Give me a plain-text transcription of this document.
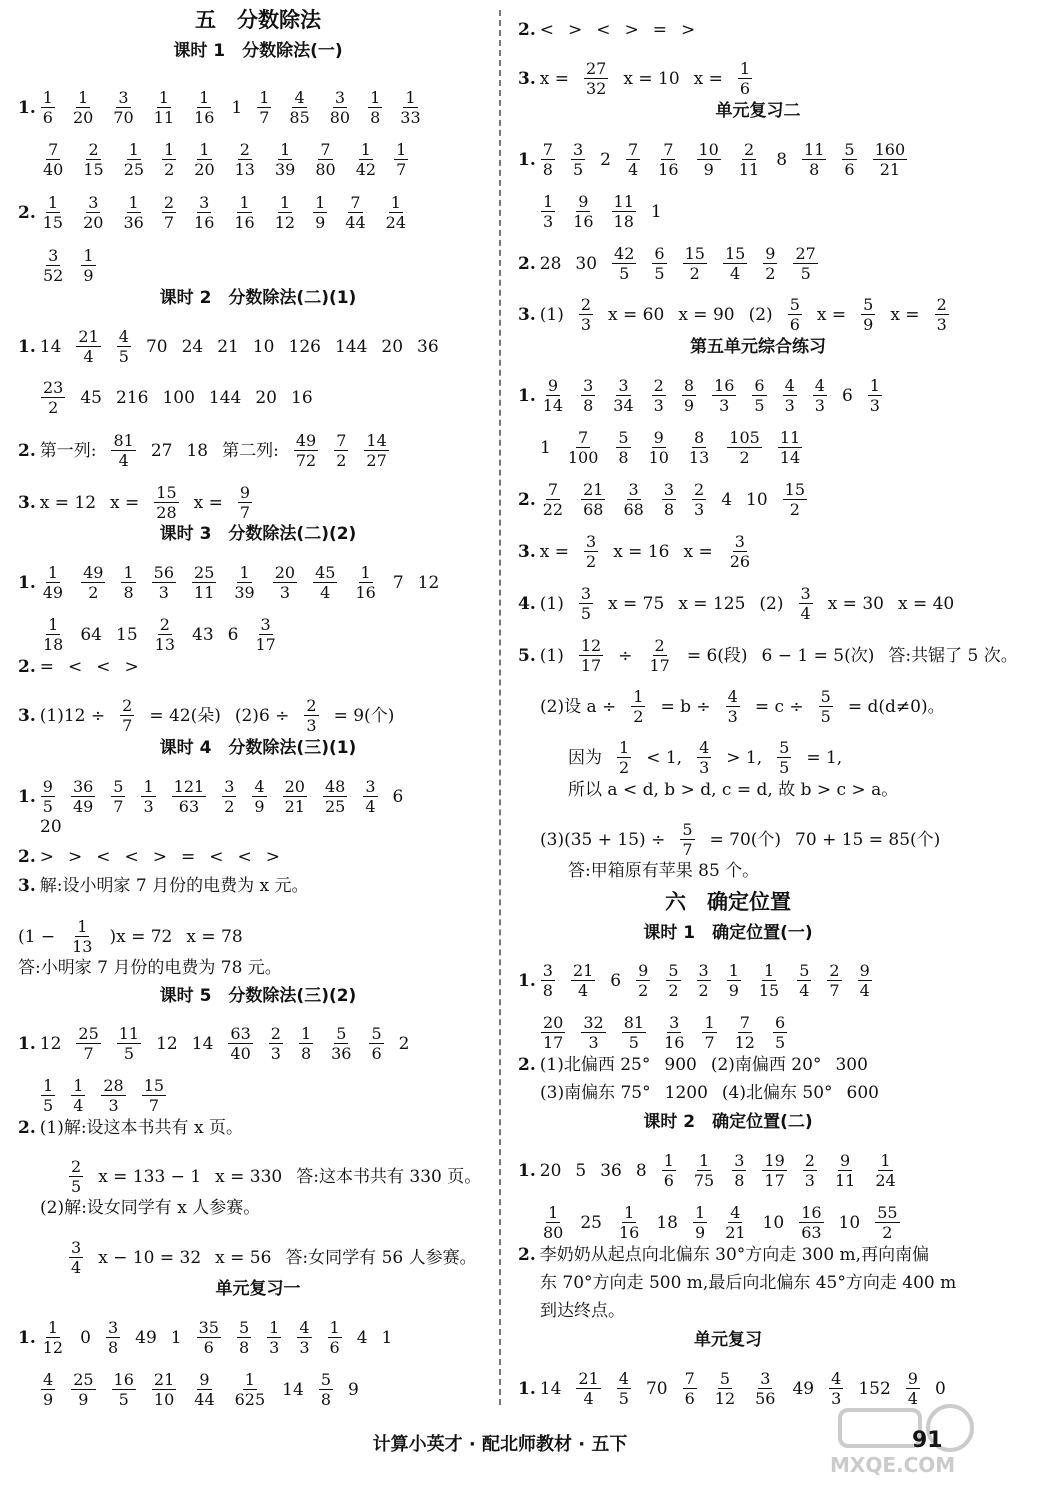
五　分数除法
课时 1　分数除法(一)
1. 1
6
1
20
3
70
1
11
1
16 1 1
7
4
85
3
80
1
8
1
33
7
40
2
15
1
25
1
2
1
20
2
13
1
39
7
80
1
42
1
7
2. 1
15
3
20
1
36
2
7
3
16
1
16
1
12
1
9
7
44
1
24
3
52
1
9
课时 2　分数除法(二)(1)
1. 14 21
4
4
5 70 24 21 10 126 144 20 36
23
2 45 216 100 144 20 16
2. 第一列: 81
4 27 18 第二列: 49
72
7
2
14
27
3. x = 12 x = 15
28 x = 9
7
课时 3　分数除法(二)(2)
1. 1
49
49
2
1
8
56
3
25
11
1
39
20
3
45
4
1
16 7 12
1
18 64 15 2
13 43 6 3
17
2. = < < >
3. (1)12 ÷ 2
7 = 42(朵) (2)6 ÷ 2
3 = 9(个)
课时 4　分数除法(三)(1)
1. 9
5
36
49
5
7
1
3
121
63
3
2
4
9
20
21
48
25
3
4 6
20
2. > > < < > = < < >
3. 解:设小明家 7 月份的电费为 x 元。
(1 − 1
13 )x = 72 x = 78
答:小明家 7 月份的电费为 78 元。
课时 5　分数除法(三)(2)
1. 12 25
7
11
5 12 14 63
40
2
3
1
8
5
36
5
6 2
1
5
1
4
28
3
15
7
2. (1)解:设这本书共有 x 页。
2
5 x = 133 − 1 x = 330 答:这本书共有 330 页。
(2)解:设女同学有 x 人参赛。
3
4 x − 10 = 32 x = 56 答:女同学有 56 人参赛。
单元复习一
1. 1
12 0 3
8 49 1 35
6
5
8
1
3
4
3
1
6 4 1
4
9
25
9
16
5
21
10
9
44
1
625 14 5
8 9
2. < > < > = >
3. x = 27
32 x = 10 x = 1
6
单元复习二
1. 7
8
3
5 2 7
4
7
16
10
9
2
11 8 11
8
5
6
160
21
1
3
9
16
11
18 1
2. 28 30 42
5
6
5
15
2
15
4
9
2
27
5
3. (1) 2
3 x = 60 x = 90 (2) 5
6 x = 5
9 x = 2
3
第五单元综合练习
1. 9
14
3
8
3
34
2
3
8
9
16
3
6
5
4
3
4
3 6 1
3
1 7
100
5
8
9
10
8
13
105
2
11
14
2. 7
22
21
68
3
68
3
8
2
3 4 10 15
2
3. x = 3
2 x = 16 x = 3
26
4. (1) 3
5 x = 75 x = 125 (2) 3
4 x = 30 x = 40
5. (1) 12
17 ÷ 2
17 = 6(段) 6 − 1 = 5(次) 答:共锯了 5 次。
(2)设 a ÷ 1
2 = b ÷ 4
3 = c ÷ 5
5 = d(d≠0)。
因为 1
2 < 1, 4
3 > 1, 5
5 = 1,
所以 a < d, b > d, c = d, 故 b > c > a。
(3)(35 + 15) ÷ 5
7 = 70(个) 70 + 15 = 85(个)
答:甲箱原有苹果 85 个。
六　确定位置
课时 1　确定位置(一)
1. 3
8
21
4 6 9
2
5
2
3
2
1
9
1
15
5
4
2
7
9
4
20
17
32
3
81
5
3
16
1
7
7
12
6
5
2. (1)北偏西 25° 900 (2)南偏西 20° 300
(3)南偏东 75° 1200 (4)北偏东 50° 600
课时 2　确定位置(二)
1. 20 5 36 8 1
6
1
75
3
8
19
17
2
3
9
11
1
24
1
80 25 1
16 18 1
9
4
21 10 16
63 10 55
2
2. 李奶奶从起点向北偏东 30°方向走 300 m,再向南偏
东 70°方向走 500 m,最后向北偏东 45°方向走 400 m
到达终点。
单元复习
1. 14 21
4
4
5 70 7
6
5
12
3
56 49 4
3 152 9
4 0
计算小英才 · 配北师教材 · 五下	91
MXQE.COM
